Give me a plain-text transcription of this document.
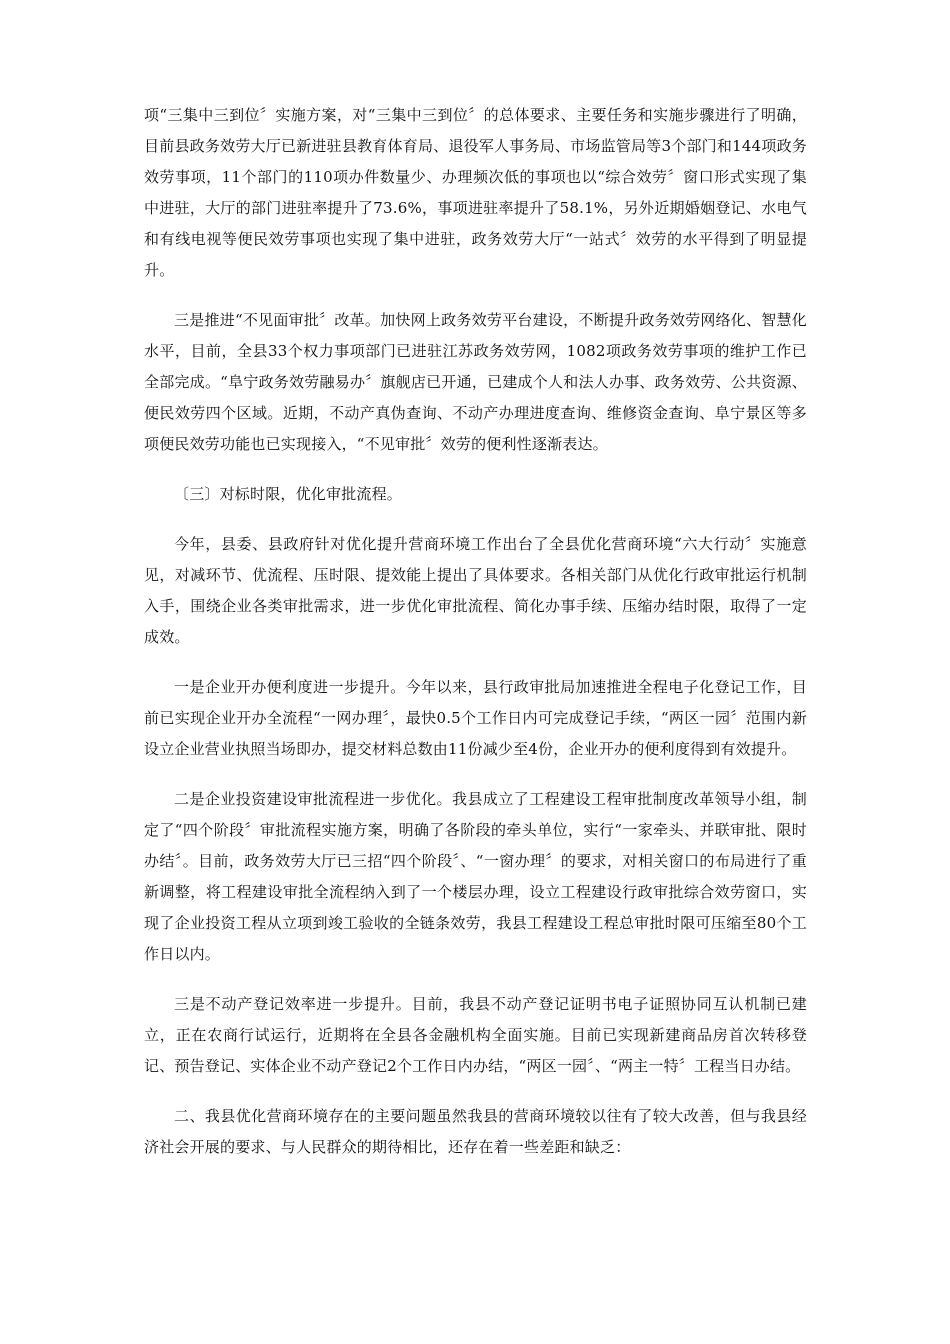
项“三集中三到位〞实施方案，对“三集中三到位〞的总体要求、主要任务和实施步骤进行了明确，目前县政务效劳大厅已新进驻县教育体育局、退役军人事务局、市场监管局等3个部门和144项政务效劳事项，11个部门的110项办件数量少、办理频次低的事项也以“综合效劳〞窗口形式实现了集中进驻，大厅的部门进驻率提升了73.6%，事项进驻率提升了58.1%，另外近期婚姻登记、水电气和有线电视等便民效劳事项也实现了集中进驻，政务效劳大厅“一站式〞效劳的水平得到了明显提升。

三是推进“不见面审批〞改革。加快网上政务效劳平台建设，不断提升政务效劳网络化、智慧化水平，目前，全县33个权力事项部门已进驻江苏政务效劳网，1082项政务效劳事项的维护工作已全部完成。“阜宁政务效劳融易办〞旗舰店已开通，已建成个人和法人办事、政务效劳、公共资源、便民效劳四个区域。近期，不动产真伪查询、不动产办理进度查询、维修资金查询、阜宁景区等多项便民效劳功能也已实现接入，“不见审批〞效劳的便利性逐渐表达。

〔三〕对标时限，优化审批流程。

今年，县委、县政府针对优化提升营商环境工作出台了全县优化营商环境“六大行动〞实施意见，对减环节、优流程、压时限、提效能上提出了具体要求。各相关部门从优化行政审批运行机制入手，围绕企业各类审批需求，进一步优化审批流程、简化办事手续、压缩办结时限，取得了一定成效。

一是企业开办便利度进一步提升。今年以来，县行政审批局加速推进全程电子化登记工作，目前已实现企业开办全流程“一网办理〞，最快0.5个工作日内可完成登记手续，“两区一园〞范围内新设立企业营业执照当场即办，提交材料总数由11份减少至4份，企业开办的便利度得到有效提升。

二是企业投资建设审批流程进一步优化。我县成立了工程建设工程审批制度改革领导小组，制定了“四个阶段〞审批流程实施方案，明确了各阶段的牵头单位，实行“一家牵头、并联审批、限时办结〞。目前，政务效劳大厅已三招“四个阶段〞、“一窗办理〞的要求，对相关窗口的布局进行了重新调整，将工程建设审批全流程纳入到了一个楼层办理，设立工程建设行政审批综合效劳窗口，实现了企业投资工程从立项到竣工验收的全链条效劳，我县工程建设工程总审批时限可压缩至80个工作日以内。

三是不动产登记效率进一步提升。目前，我县不动产登记证明书电子证照协同互认机制已建立，正在农商行试运行，近期将在全县各金融机构全面实施。目前已实现新建商品房首次转移登记、预告登记、实体企业不动产登记2个工作日内办结，“两区一园〞、“两主一特〞工程当日办结。

二、我县优化营商环境存在的主要问题虽然我县的营商环境较以往有了较大改善，但与我县经济社会开展的要求、与人民群众的期待相比，还存在着一些差距和缺乏：
